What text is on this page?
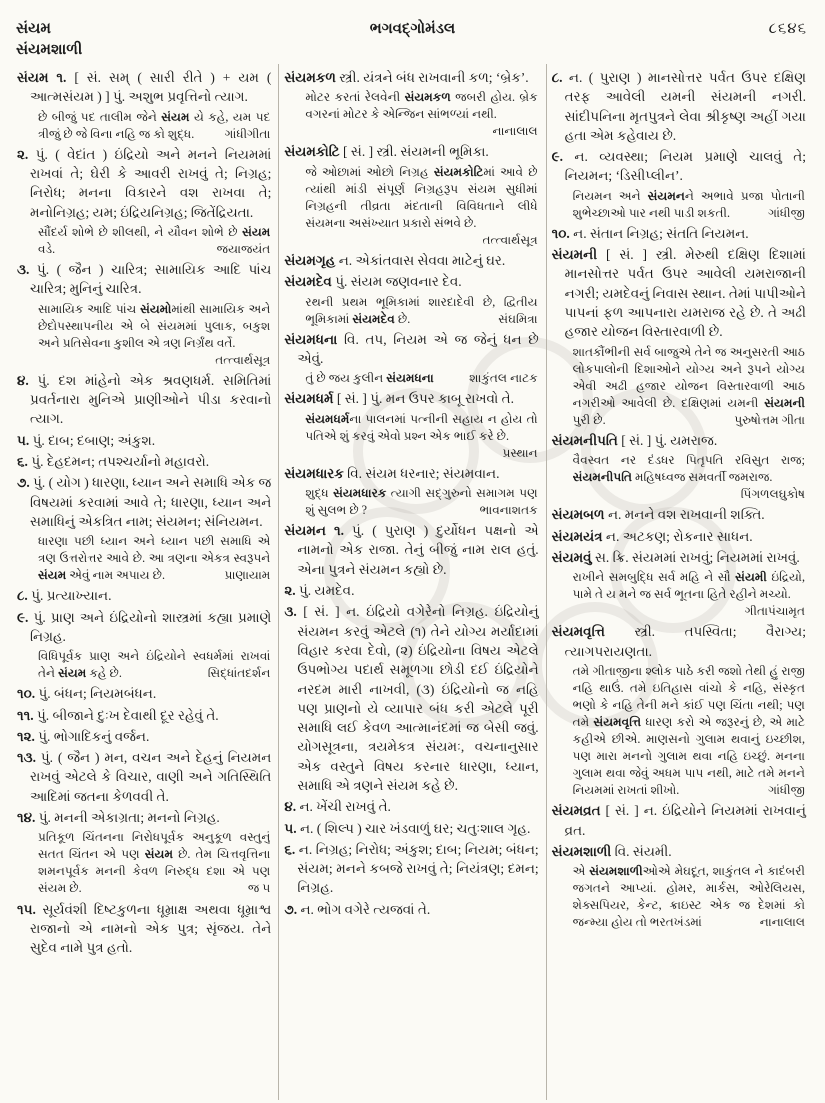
સંયમ	ભગવદ્ગોમંડલ	૮૬૪૬
સંયમશાળી

સંયમ ૧. [ સં. સમ્ ( સારી રીતે ) + યમ ( આત્મસંયમ ) ] પું. અશુભ પ્રવૃત્તિનો ત્યાગ.

છે બીજું પદ તાલીમ જેને સંયમ યે કહે, યમ પદ ત્રીજું છે જે વિના નહિ જ કો શુદ્ધ.	ગાંધીગીતા

૨. પું. ( વેદાંત ) ઇંદ્રિયો અને મનને નિયમમાં રાખવાં તે; ઘેરી કે આવરી રાખવું તે; નિગ્રહ; નિરોધ; મનના વિકારને વશ રાખવા તે; મનોનિગ્રહ; યમ; ઇંદ્રિયનિગ્રહ; જિતેંદ્રિયતા.

સૌંદર્ય શોભે છે શીલથી, ને યૌવન શોભે છે સંયમ વડે.	જયાજયંત

૩. પું. ( જૈન ) ચારિત્ર; સામાયિક આદિ પાંચ ચારિત્ર; મુનિનું ચારિત્ર.

સામાયિક આદિ પાંચ સંયમોમાંથી સામાયિક અને છેદોપસ્થાપનીય એ બે સંયમમાં પુલાક, બકુશ અને પ્રતિસેવના કુશીલ એ ત્રણ નિર્ગ્રંથ વર્તે.
તત્ત્વાર્થસૂત્ર

૪. પું. દશ માંહેનો એક શ્રવણધર્મ. સમિતિમાં પ્રવર્તનારા મુનિએ પ્રાણીઓને પીડા કરવાનો ત્યાગ.

૫. પું. દાબ; દબાણ; અંકુશ.

૬. પું. દેહદમન; તપશ્ચર્યાનો મહાવરો.

૭. પું. ( યોગ ) ધારણા, ધ્યાન અને સમાધિ એક જ વિષયમાં કરવામાં આવે તે; ધારણા, ધ્યાન અને સમાધિનું એકત્રિત નામ; સંયમન; સંનિયમન.

ધારણા પછી ધ્યાન અને ધ્યાન પછી સમાધિ એ ત્રણ ઉત્તરોત્તર આવે છે. આ ત્રણના એકત્ર સ્વરૂપને સંયમ એવું નામ અપાય છે.	પ્રાણાયામ

૮. પું. પ્રત્યાખ્યાન.

૯. પું. પ્રાણ અને ઇંદ્રિયોનો શાસ્ત્રમાં કહ્યા પ્રમાણે નિગ્રહ.

વિધિપૂર્વક પ્રાણ અને ઇંદ્રિયોને સ્વધર્મમાં રાખવાં તેને સંયમ કહે છે.	સિદ્ધાંતદર્શન

૧૦. પું. બંધન; નિયમબંધન.

૧૧. પું. બીજાને દુઃખ દેવાથી દૂર રહેવું તે.

૧૨. પું. ભોગાદિકનું વર્જન.

૧૩. પું. ( જૈન ) મન, વચન અને દેહનું નિયમન રાખવું એટલે કે વિચાર, વાણી અને ગતિસ્થિતિ આદિમાં જતના કેળવવી તે.

૧૪. પું. મનની એકાગ્રતા; મનનો નિગ્રહ.

પ્રતિકૂળ ચિંતનના નિરોધપૂર્વક અનુકૂળ વસ્તુનું સતત ચિંતન એ પણ સંયમ છે. તેમ ચિત્તવૃત્તિના શમનપૂર્વક મનની કેવળ નિરુદ્ધ દશા એ પણ સંયમ છે.	જ ૫

૧૫. સૂર્યવંશી દિષ્ટકુળના ધૂમ્રાક્ષ અથવા ધૂમ્રાશ્વ રાજાનો એ નામનો એક પુત્ર; સૃંજય. તેને સુદેવ નામે પુત્ર હતો.

સંયમકળ સ્ત્રી. યંત્રને બંધ રાખવાની કળ; ‘બ્રેક’.

મોટર કરતાં રેલવેની સંયમકળ જબરી હોય. બ્રેક વગરનાં મોટર કે એન્જિન સાંભળ્યાં નથી.
નાનાલાલ

સંયમકોટિ [ સં. ] સ્ત્રી. સંયમની ભૂમિકા.

જે ઓછામાં ઓછો નિગ્રહ સંયમકોટિમાં આવે છે ત્યાંથી માંડી સંપૂર્ણ નિગ્રહરૂપ સંયમ સુધીમાં નિગ્રહની તીવ્રતા મંદતાની વિવિધતાને લીધે સંયમના અસંખ્યાત પ્રકારો સંભવે છે.
તત્ત્વાર્થસૂત્ર

સંયમગૃહ ન. એકાંતવાસ સેવવા માટેનું ઘર.

સંયમદેવ પું. સંયમ જણવનાર દેવ.

રથની પ્રથમ ભૂમિકામાં શારદાદેવી છે, દ્વિતીય ભૂમિકામાં સંયમદેવ છે.	સંઘમિત્રા

સંયમધના વિ. તપ, નિયમ એ જ જેનું ધન છે એવું.

તું છે જય કુલીન સંયમધના	શાકુંતલ નાટક

સંયમધર્મ [ સં. ] પું. મન ઉપર કાબૂ રાખવો તે.

સંયમધર્મના પાલનમાં પત્નીની સહાય ન હોય તો પતિએ શું કરવું એવો પ્રશ્ન એક ભાઈ કરે છે.
પ્રસ્થાન

સંયમધારક વિ. સંયમ ધરનાર; સંયમવાન.

શુદ્ધ સંયમધારક ત્યાગી સદ્‌ગુરુનો સમાગમ પણ શું સુલભ છે ?	ભાવનાશતક

સંયમન ૧. પું. ( પુરાણ ) દુર્યોધન પક્ષનો એ નામનો એક રાજા. તેનું બીજું નામ રાલ હતું. એના પુત્રને સંયમન કહ્યો છે.

૨. પું. યમદેવ.

૩. [ સં. ] ન. ઇંદ્રિયો વગેરેનો નિગ્રહ. ઇંદ્રિયોનું સંયમન કરવું એટલે (૧) તેને યોગ્ય મર્યાદામાં વિહાર કરવા દેવો, (૨) ઇંદ્રિયોના વિષય એટલે ઉપભોગ્ય પદાર્થ સમૂળગા છોડી દઈ ઇંદ્રિયોને નરદમ મારી નાખવી, (૩) ઇંદ્રિયોનો જ નહિ પણ પ્રાણનો યે વ્યાપાર બંધ કરી એટલે પૂરી સમાધિ લઈ કેવળ આત્માનંદમાં જ બેસી જવું. યોગસૂત્રના, ત્રયમેકત્ર સંયમઃ, વચનાનુસાર એક વસ્તુને વિષય કરનાર ધારણા, ધ્યાન, સમાધિ એ ત્રણને સંયમ કહે છે.

૪. ન. ખેંચી રાખવું તે.

૫. ન. ( શિલ્પ ) ચાર ખંડવાળું ઘર; ચતુઃશાલ ગૃહ.

૬. ન. નિગ્રહ; નિરોધ; અંકુશ; દાબ; નિયમ; બંધન; સંયમ; મનને કબજે રાખવું તે; નિયંત્રણ; દમન; નિગ્રહ.

૭. ન. ભોગ વગેરે ત્યજવાં તે.

૮. ન. ( પુરાણ ) માનસોત્તર પર્વત ઉપર દક્ષિણ તરફ આવેલી યમની સંયમની નગરી. સાંદીપનિના મૃતપુત્રને લેવા શ્રીકૃષ્ણ અહીં ગયા હતા એમ કહેવાય છે.

૯. ન. વ્યવસ્થા; નિયમ પ્રમાણે ચાલવું તે; નિયમન; ‘ડિસીપ્લીન’.

નિયમન અને સંયમનને અભાવે પ્રજા પોતાની શુભેચ્છાઓ પાર નથી પાડી શકતી.	ગાંધીજી

૧૦. ન. સંતાન નિગ્રહ; સંતતિ નિયમન.

સંયમની [ સં. ] સ્ત્રી. મેરુથી દક્ષિણ દિશામાં માનસોત્તર પર્વત ઉપર આવેલી યમરાજાની નગરી; યમદેવનું નિવાસ સ્થાન. તેમાં પાપીઓને પાપનાં ફળ આપનારા યમરાજ રહે છે. તે અઢી હજાર યોજન વિસ્તારવાળી છે.

શાતકૌંભીની સર્વ બાજુએ તેને જ અનુસરતી આઠ લોકપાલોની દિશાઓને યોગ્ય અને રૂપને યોગ્ય એવી અઢી હજાર યોજન વિસ્તારવાળી આઠ નગરીઓ આવેલી છે. દક્ષિણમાં યમની સંયમની પુરી છે.	પુરુષોત્તમ ગીતા

સંયમનીપતિ [ સં. ] પું. યમરાજ.

વૈવસ્વત નર દંડધર પિતૃપતિ રવિસુત રાજ; સંયમનીપતિ મહિષધ્વજ સમવર્તી જમરાજ.
પિંગળલઘુકોષ

સંયમબળ ન. મનને વશ રાખવાની શક્તિ.

સંયમયંત્ર ન. અટકણ; રોકનાર સાધન.

સંયમવું સ. ક્રિ. સંયમમાં રાખવું; નિયમમાં રાખવું.

રાખીને સમબુદ્ધિ સર્વ મહિ ને સૌ સંયમી ઇંદ્રિયો, પામે તે ય મને જ સર્વ ભૂતના હિતે રહીને મચ્યો.
ગીતાપંચામૃત

સંયમવૃત્તિ સ્ત્રી. તપસ્વિતા; વૈરાગ્ય; ત્યાગપરાયણતા.

તમે ગીતાજીના શ્લોક પાઠે કરી જશો તેથી હું રાજી નહિ થાઉં. તમે ઇતિહાસ વાંચો કે નહિ, સંસ્કૃત ભણો કે નહિ તેની મને કાંઈ પણ ચિંતા નથી; પણ તમે સંયમવૃત્તિ ધારણ કરો એ જરૂરનું છે, એ માટે કહીએ છીએ. માણસનો ગુલામ થવાનું ઇચ્છીશ, પણ મારા મનનો ગુલામ થવા નહિ ઇચ્છું. મનના ગુલામ થવા જેવું અધમ પાપ નથી, માટે તમે મનને નિયમમાં રાખતાં શીખો.	ગાંધીજી

સંયમવ્રત [ સં. ] ન. ઇંદ્રિયોને નિયમમાં રાખવાનું વ્રત.

સંયમશાળી વિ. સંયમી.

એ સંયમશાળીઓએ મેઘદૂત, શાકુંતલ ને કાદંબરી જગતને આપ્યાં. હોમર, માર્કસ, ઓરેલિયસ, શેક્સપિયર, કેન્ટ, ક્રાઇસ્ટ એક જ દેશમાં કો જન્મ્યા હોય તો ભરતખંડમાં	નાનાલાલ
